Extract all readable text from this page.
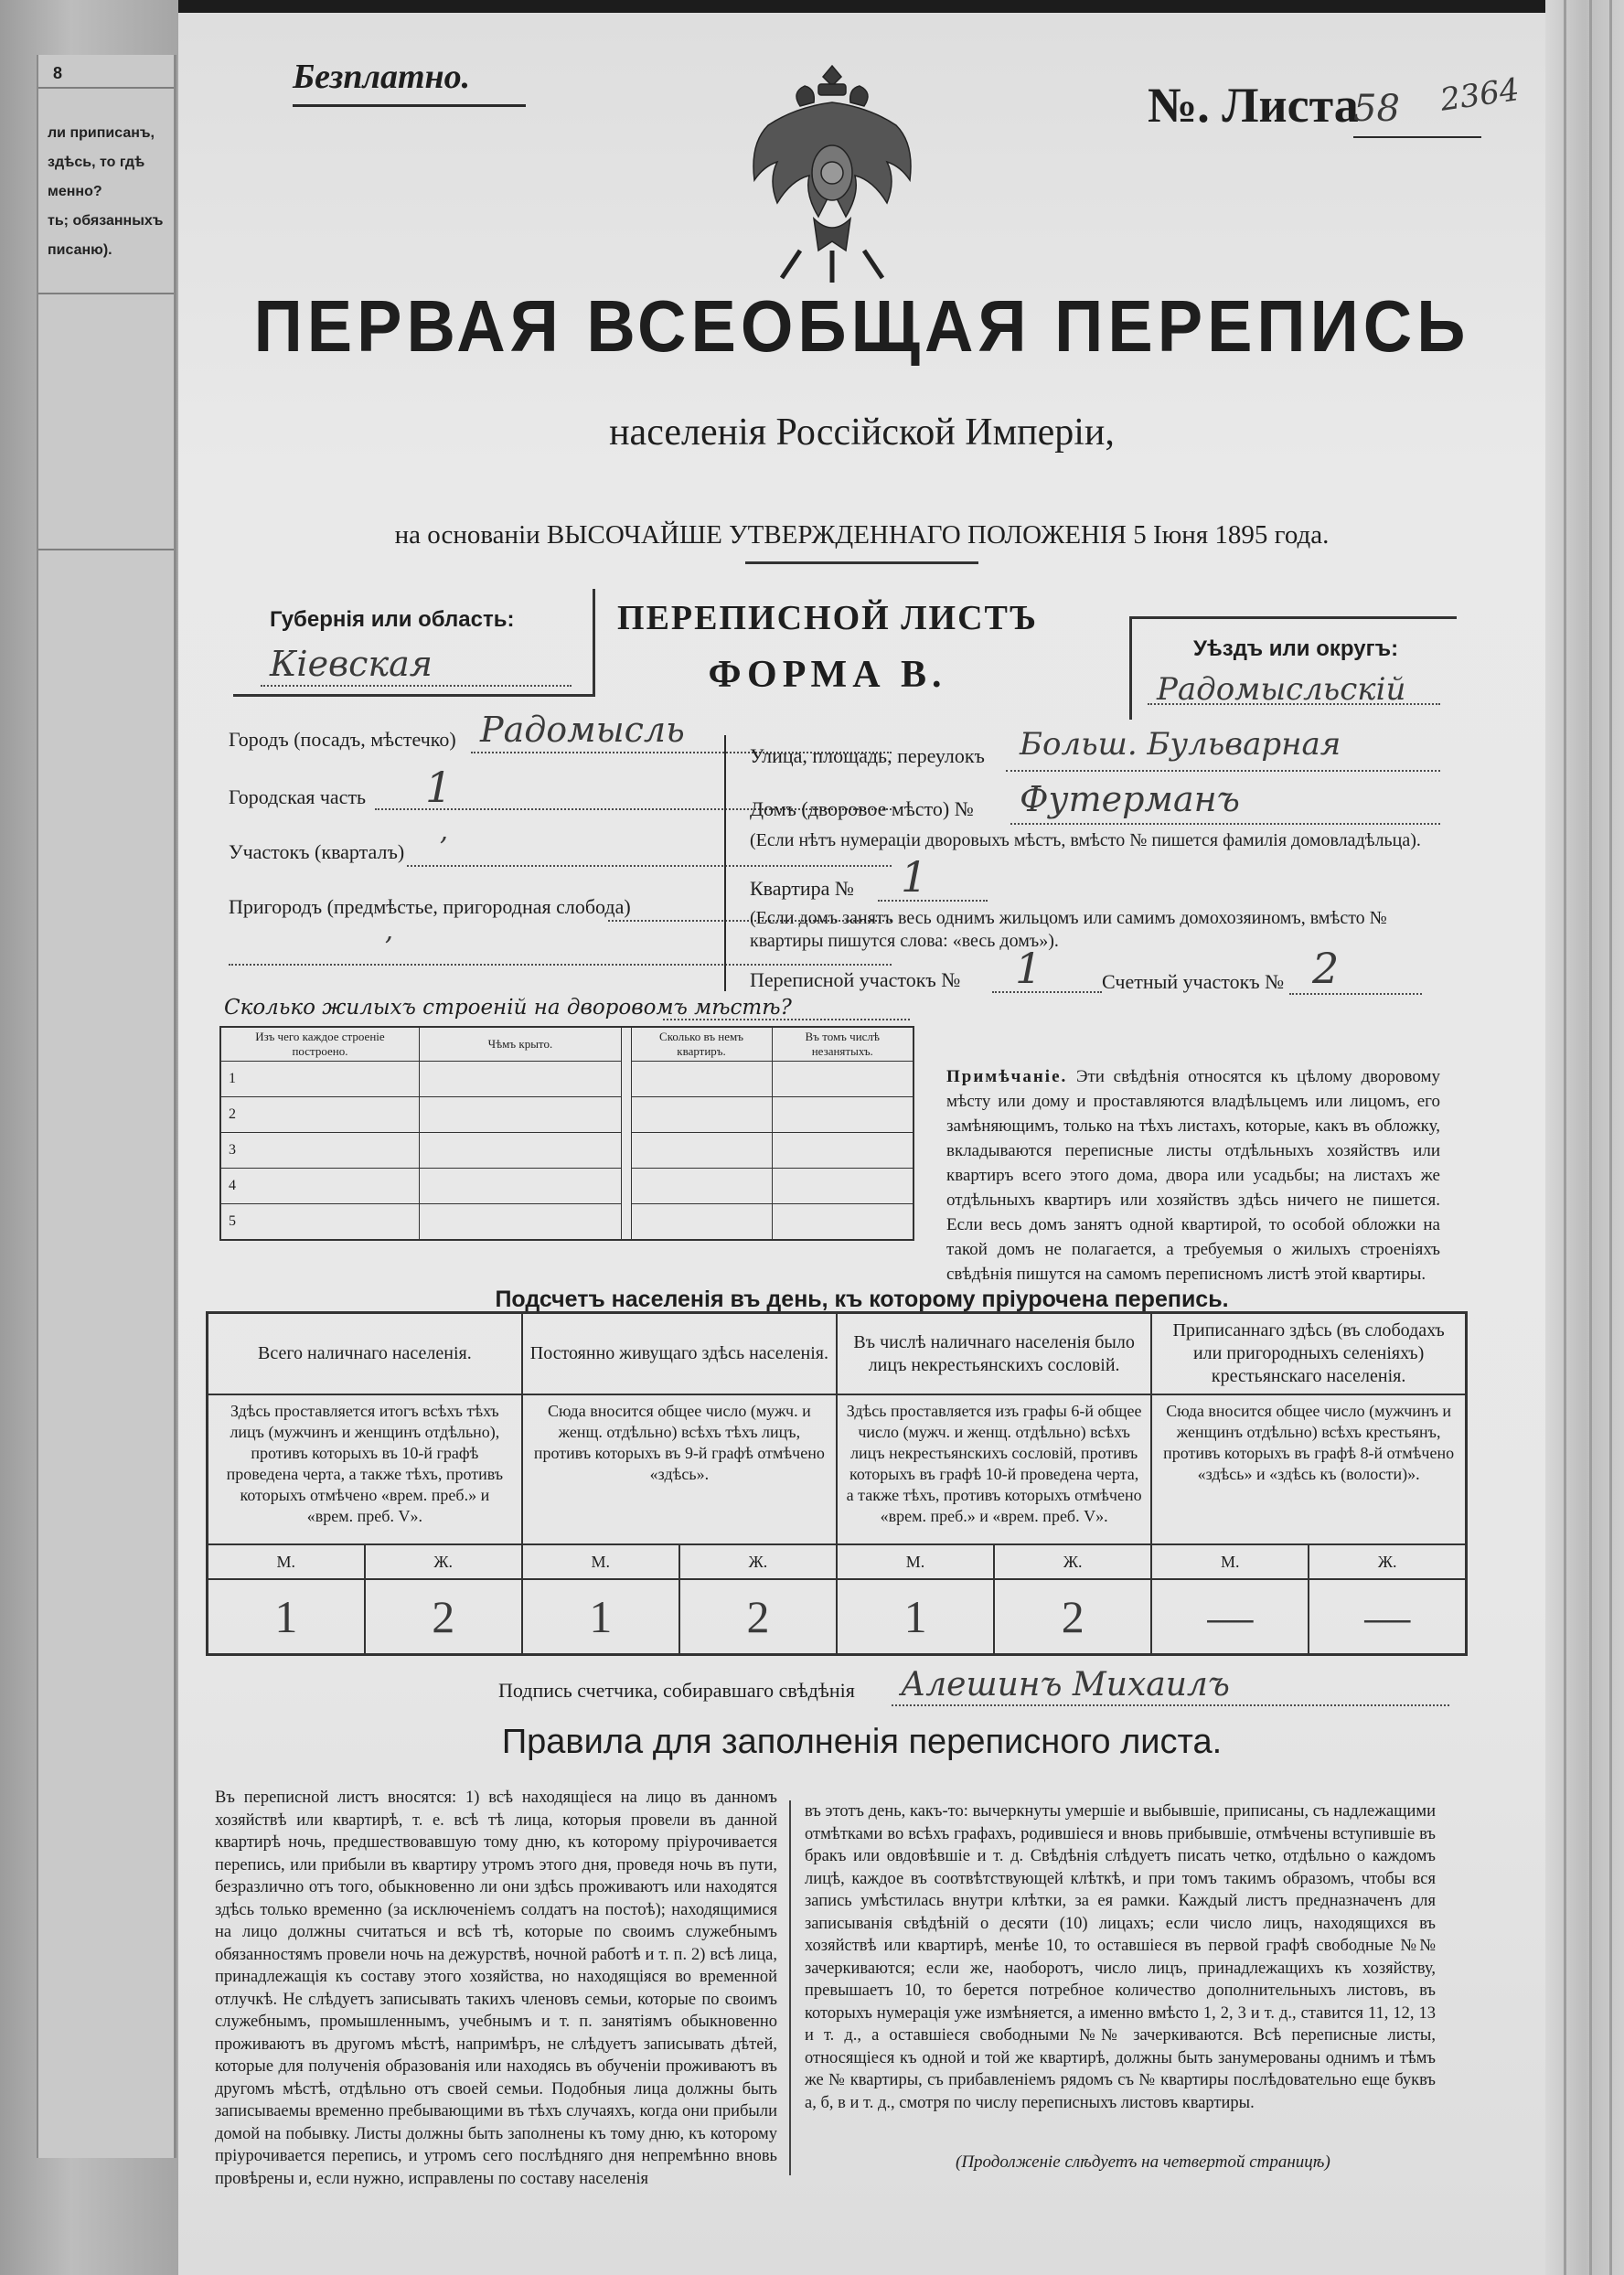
8
ли приписанъ,
здѣсь, то гдѣ
менно?
ть; обязанныхъ
писаню).
Безплатно.
№. Листа
58 2364
ПЕРВАЯ ВСЕОБЩАЯ ПЕРЕПИСЬ
населенія Россійской Имперіи,
на основаніи ВЫСОЧАЙШЕ УТВЕРЖДЕННАГО ПОЛОЖЕНІЯ 5 Іюня 1895 года.
Губернія или область:
Кіевская
ПЕРЕПИСНОЙ ЛИСТЪ
ФОРМА В.
Уѣздъ или округъ:
Радомысльскій
Городъ (посадъ, мѣстечко) Радомысль
Городская часть 1
Участокъ (кварталъ) ’
Пригородъ (предмѣстье, пригородная слобода)
’
Улица, площадь, переулокъ Больш. Бульварная
Домъ (дворовое мѣсто) № Футерманъ
(Если нѣтъ нумераціи дворовыхъ мѣстъ, вмѣсто № пишется фамилія домовладѣльца).
Квартира № 1
(Если домъ занятъ весь однимъ жильцомъ или самимъ домохозяиномъ, вмѣсто № квартиры пишутся слова: «весь домъ»).
Переписной участокъ № 1	Счетный участокъ № 2
Сколько жилыхъ строеній на дворовомъ мѣстѣ?
Изъ чего каждое строеніе построено.	Чѣмъ крыто.		Сколько въ немъ квартиръ.	Въ томъ числѣ незанятыхъ.
1				
2				
3				
4				
5				
Примѣчаніе. Эти свѣдѣнія относятся къ цѣлому дворовому мѣсту или дому и проставляются владѣльцемъ или лицомъ, его замѣняющимъ, только на тѣхъ листахъ, которые, какъ въ обложку, вкладываются переписные листы отдѣльныхъ хозяйствъ или квартиръ всего этого дома, двора или усадьбы; на листахъ же отдѣльныхъ квартиръ или хозяйствъ здѣсь ничего не пишется. Если весь домъ занятъ одной квартирой, то особой обложки на такой домъ не полагается, а требуемыя о жилыхъ строеніяхъ свѣдѣнія пишутся на самомъ переписномъ листѣ этой квартиры.
Подсчетъ населенія въ день, къ которому пріурочена перепись.
Всего наличнаго населенія.		Постоянно живущаго здѣсь населенія.		Въ числѣ наличнаго населенія было лицъ некрестьянскихъ сословій.		Приписаннаго здѣсь (въ слободахъ или пригородныхъ селеніяхъ) крестьянскаго населенія.	
Здѣсь проставляется итогъ всѣхъ тѣхъ лицъ (мужчинъ и женщинъ отдѣльно), противъ которыхъ въ 10-й графѣ проведена черта, а также тѣхъ, противъ которыхъ отмѣчено «врем. преб.» и «врем. преб. V».		Сюда вносится общее число (мужч. и женщ. отдѣльно) всѣхъ тѣхъ лицъ, противъ которыхъ въ 9-й графѣ отмѣчено «здѣсь».		Здѣсь проставляется изъ графы 6-й общее число (мужч. и женщ. отдѣльно) всѣхъ лицъ некрестьянскихъ сословій, противъ которыхъ въ графѣ 10-й проведена черта, а также тѣхъ, противъ которыхъ отмѣчено «врем. преб.» и «врем. преб. V».		Сюда вносится общее число (мужчинъ и женщинъ отдѣльно) всѣхъ крестьянъ, противъ которыхъ въ графѣ 8-й отмѣчено «здѣсь» и «здѣсь къ (волости)».	
М.	Ж.	М.	Ж.	М.	Ж.	М.	Ж.
1	2	1	2	1	2	—	—
Подпись счетчика, собиравшаго свѣдѣнія Алешинъ Михаилъ
Правила для заполненія переписного листа.
Въ переписной листъ вносятся: 1) всѣ находящіеся на лицо въ данномъ хозяйствѣ или квартирѣ, т. е. всѣ тѣ лица, которыя провели въ данной квартирѣ ночь, предшествовавшую тому дню, къ которому пріурочивается перепись, или прибыли въ квартиру утромъ этого дня, проведя ночь въ пути, безразлично отъ того, обыкновенно ли они здѣсь проживаютъ или находятся здѣсь только временно (за исключеніемъ солдатъ на постоѣ); находящимися на лицо должны считаться и всѣ тѣ, которые по своимъ служебнымъ обязанностямъ провели ночь на дежурствѣ, ночной работѣ и т. п. 2) всѣ лица, принадлежащія къ составу этого хозяйства, но находящіяся во временной отлучкѣ. Не слѣдуетъ записывать такихъ членовъ семьи, которые по своимъ служебнымъ, промышленнымъ, учебнымъ и т. п. занятіямъ обыкновенно проживаютъ въ другомъ мѣстѣ, напримѣръ, не слѣдуетъ записывать дѣтей, которые для полученія образованія или находясь въ обученіи проживаютъ въ другомъ мѣстѣ, отдѣльно отъ своей семьи. Подобныя лица должны быть записываемы временно пребывающими въ тѣхъ случаяхъ, когда они прибыли домой на побывку. Листы должны быть заполнены къ тому дню, къ которому пріурочивается перепись, и утромъ сего послѣдняго дня непремѣнно вновь провѣрены и, если нужно, исправлены по составу населенія
въ этотъ день, какъ-то: вычеркнуты умершіе и выбывшіе, приписаны, съ надлежащими отмѣтками во всѣхъ графахъ, родившіеся и вновь прибывшіе, отмѣчены вступившіе въ бракъ или овдовѣвшіе и т. д. Свѣдѣнія слѣдуетъ писать четко, отдѣльно о каждомъ лицѣ, каждое въ соотвѣтствующей клѣткѣ, и при томъ такимъ образомъ, чтобы вся запись умѣстилась внутри клѣтки, за ея рамки. Каждый листъ предназначенъ для записыванія свѣдѣній о десяти (10) лицахъ; если число лицъ, находящихся въ хозяйствѣ или квартирѣ, менѣе 10, то оставшіеся въ первой графѣ свободные №№ зачеркиваются; если же, наоборотъ, число лицъ, принадлежащихъ къ хозяйству, превышаетъ 10, то берется потребное количество дополнительныхъ листовъ, въ которыхъ нумерація уже измѣняется, а именно вмѣсто 1, 2, 3 и т. д., ставится 11, 12, 13 и т. д., а оставшіеся свободными №№ зачеркиваются. Всѣ переписные листы, относящіеся къ одной и той же квартирѣ, должны быть занумерованы однимъ и тѣмъ же № квартиры, съ прибавленіемъ рядомъ съ № квартиры послѣдовательно еще буквъ а, б, в и т. д., смотря по числу переписныхъ листовъ квартиры.
(Продолженіе слѣдуетъ на четвертой страницѣ)
